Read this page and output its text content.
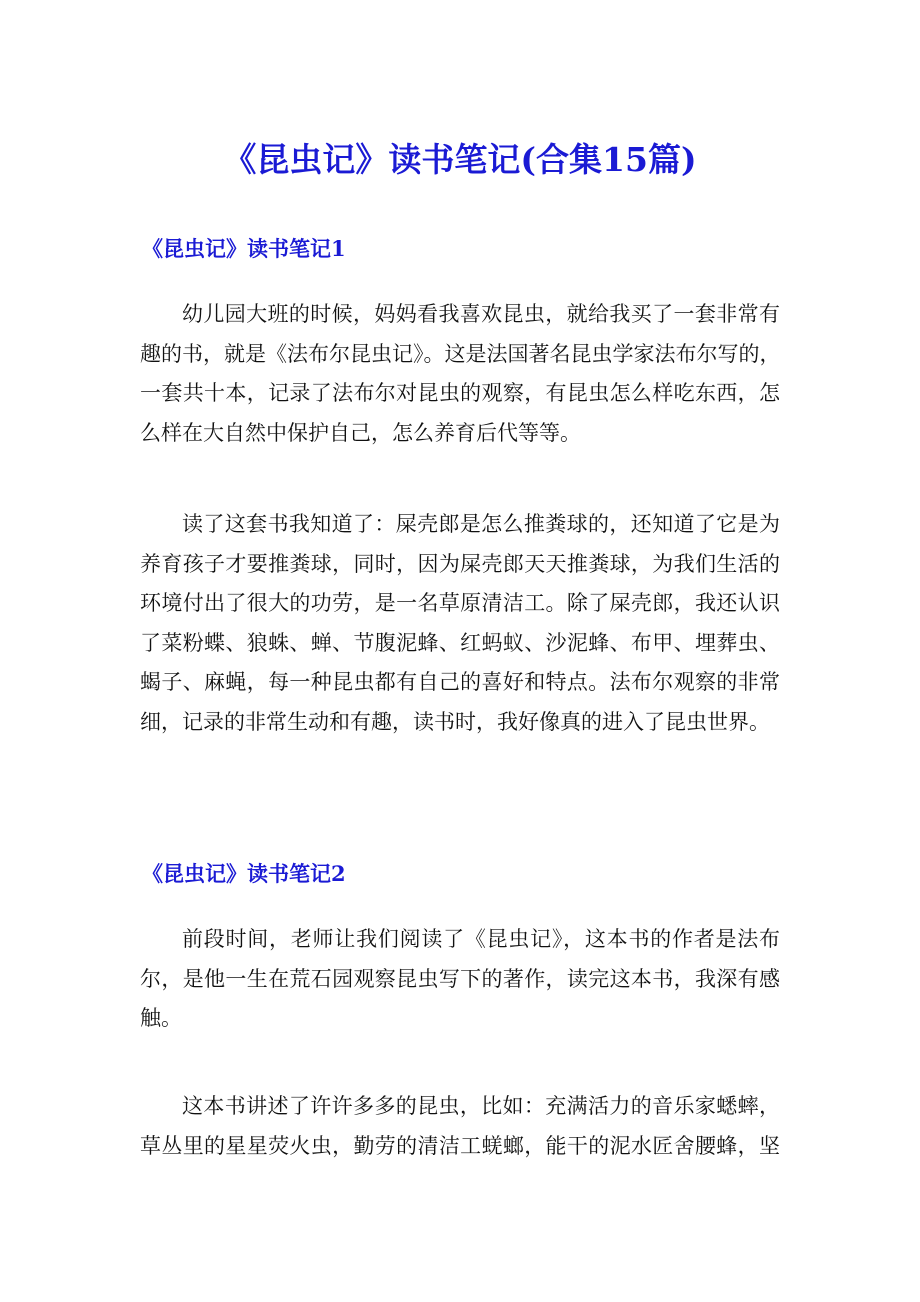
《昆虫记》读书笔记(合集15篇)
《昆虫记》读书笔记1
幼儿园大班的时候，妈妈看我喜欢昆虫，就给我买了一套非常有
趣的书，就是《法布尔昆虫记》。这是法国著名昆虫学家法布尔写的，
一套共十本，记录了法布尔对昆虫的观察，有昆虫怎么样吃东西，怎
么样在大自然中保护自己，怎么养育后代等等。
读了这套书我知道了：屎壳郎是怎么推粪球的，还知道了它是为
养育孩子才要推粪球，同时，因为屎壳郎天天推粪球，为我们生活的
环境付出了很大的功劳，是一名草原清洁工。除了屎壳郎，我还认识
了菜粉蝶、狼蛛、蝉、节腹泥蜂、红蚂蚁、沙泥蜂、布甲、埋葬虫、
蝎子、麻蝇，每一种昆虫都有自己的喜好和特点。法布尔观察的非常
细，记录的非常生动和有趣，读书时，我好像真的进入了昆虫世界。
《昆虫记》读书笔记2
前段时间，老师让我们阅读了《昆虫记》，这本书的作者是法布
尔，是他一生在荒石园观察昆虫写下的著作，读完这本书，我深有感
触。
这本书讲述了许许多多的昆虫，比如：充满活力的音乐家蟋蟀，
草丛里的星星荧火虫，勤劳的清洁工蜣螂，能干的泥水匠舍腰蜂，坚
